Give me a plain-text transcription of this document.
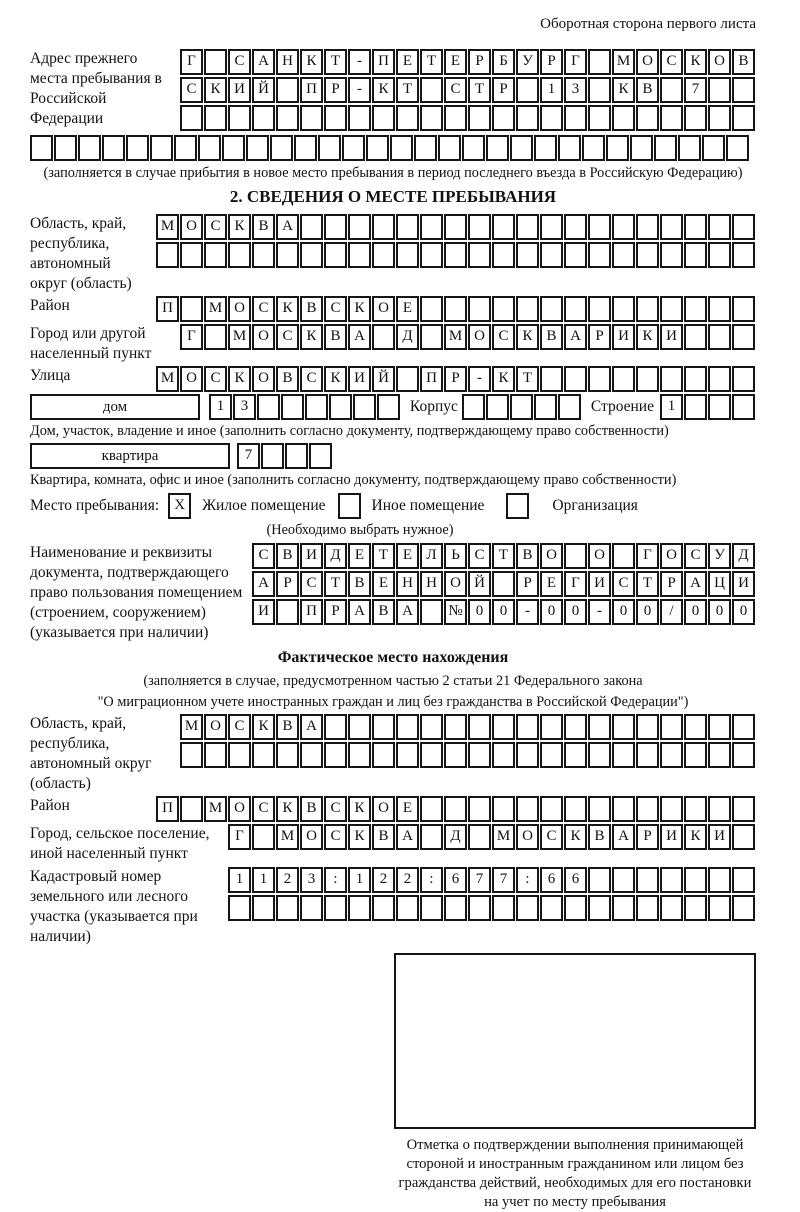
Оборотная сторона первого листа
Адрес прежнего места пребывания в Российской Федерации
Г	С А Н К Т	-	П Е Т Е	Р	Б У Р	Г	М О С К О В
С К И Й	П Р	-	К Т	С Т	Р	1	3	К В	7
(заполняется в случае прибытия в новое место пребывания в период последнего въезда в Российскую Федерацию)
2. СВЕДЕНИЯ О МЕСТЕ ПРЕБЫВАНИЯ
Область, край, республика, автономный округ (область)
М О С К В А
Район	П	М О С К В С К О Е
Город или другой населенный пункт
Г	М О С К В А	Д	М О С К В А Р И К И
Улица	М О С К О В С К И Й	П Р	-	К Т
дом	1	3	Корпус	Строение 1
Дом, участок, владение и иное (заполнить согласно документу, подтверждающему право собственности)
квартира	7
Квартира, комната, офис и иное (заполнить согласно документу, подтверждающему право собственности)
Место пребывания:	X	Жилое помещение	Иное помещение	Организация
(Необходимо выбрать нужное)
Наименование и реквизиты документа, подтверждающего право пользования помещением (строением, сооружением) (указывается при наличии)
С В И Д Е Т Е Л Ь С Т В О	О	Г О С У Д
А Р С Т В Е Н Н О Й	Р	Е	Г И С Т	Р А Ц И
И	П Р А В А	№ 0	0	-	0	0	-	0	0	/	0	0	0
Фактическое место нахождения
(заполняется в случае, предусмотренном частью 2 статьи 21 Федерального закона
"О миграционном учете иностранных граждан и лиц без гражданства в Российской Федерации")
Область, край, республика, автономный округ (область)
М О С К В А
Район	П	М О С К В С К О Е
Город, сельское поселение, иной населенный пункт
Г	М О С К В А	Д	М О С К В А Р И К И
Кадастровый номер земельного или лесного участка (указывается при наличии)
1	1	2	3	:	1	2	2	:	6	7	7	:	6	6
Отметка о подтверждении выполнения принимающей
стороной и иностранным гражданином или лицом без
гражданства действий, необходимых для его постановки
на учет по месту пребывания
